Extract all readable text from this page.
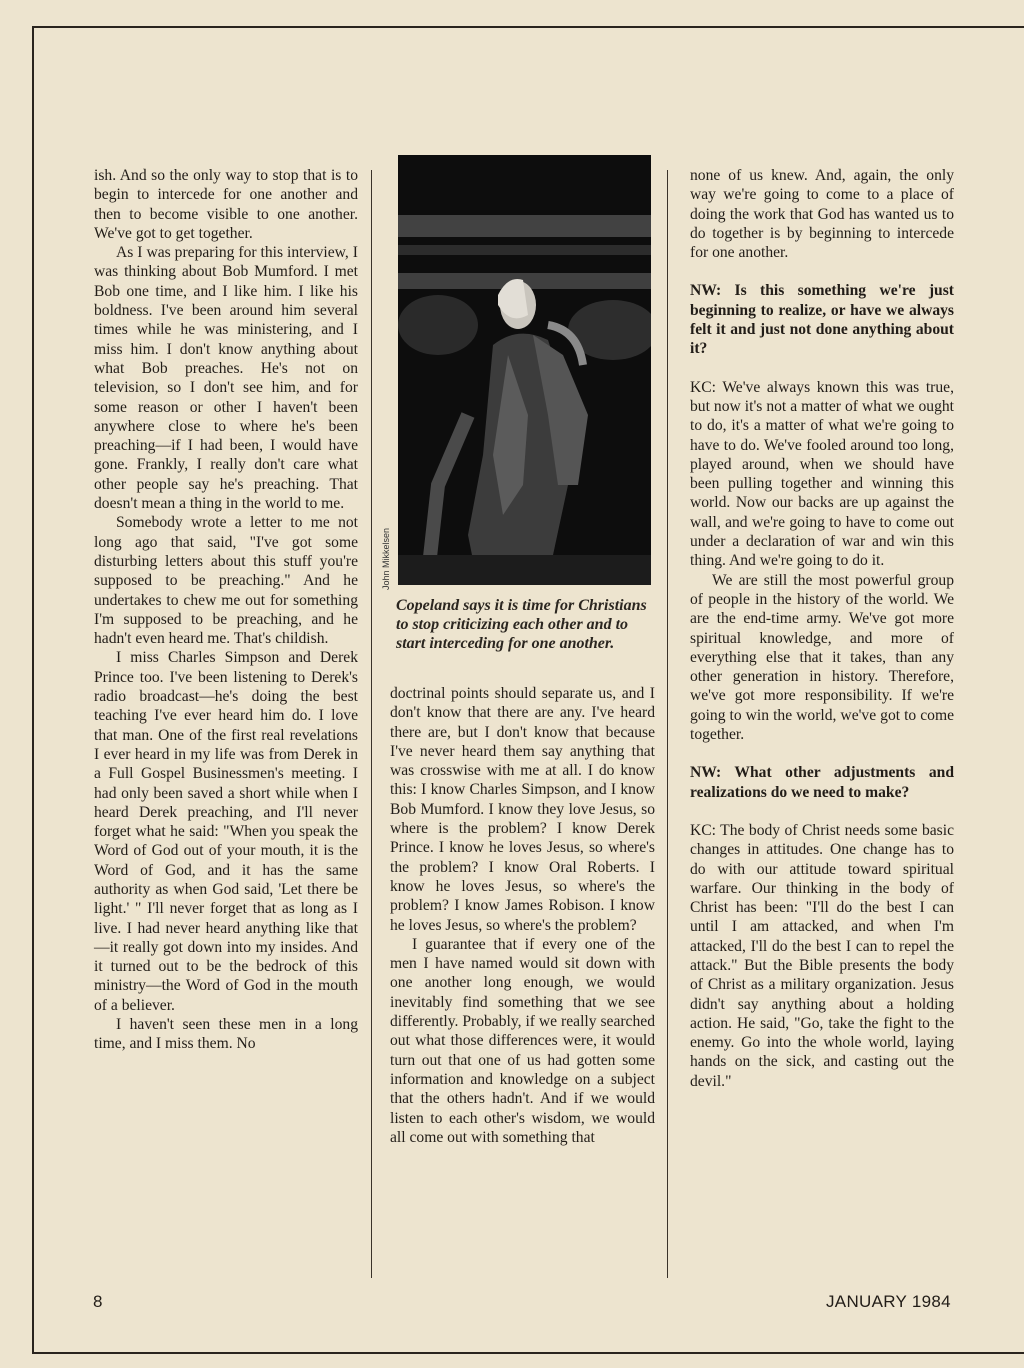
ish. And so the only way to stop that is to begin to intercede for one another and then to become visible to one another. We've got to get together.

As I was preparing for this interview, I was thinking about Bob Mumford. I met Bob one time, and I like him. I like his boldness. I've been around him several times while he was ministering, and I miss him. I don't know anything about what Bob preaches. He's not on television, so I don't see him, and for some reason or other I haven't been anywhere close to where he's been preaching—if I had been, I would have gone. Frankly, I really don't care what other people say he's preaching. That doesn't mean a thing in the world to me.

Somebody wrote a letter to me not long ago that said, "I've got some disturbing letters about this stuff you're supposed to be preaching." And he undertakes to chew me out for something I'm supposed to be preaching, and he hadn't even heard me. That's childish.

I miss Charles Simpson and Derek Prince too. I've been listening to Derek's radio broadcast—he's doing the best teaching I've ever heard him do. I love that man. One of the first real revelations I ever heard in my life was from Derek in a Full Gospel Businessmen's meeting. I had only been saved a short while when I heard Derek preaching, and I'll never forget what he said: "When you speak the Word of God out of your mouth, it is the Word of God, and it has the same authority as when God said, 'Let there be light.' " I'll never forget that as long as I live. I had never heard anything like that—it really got down into my insides. And it turned out to be the bedrock of this ministry—the Word of God in the mouth of a believer.

I haven't seen these men in a long time, and I miss them. No

John Mikkelsen
Copeland says it is time for Christians to stop criticizing each other and to start interceding for one another.

doctrinal points should separate us, and I don't know that there are any. I've heard there are, but I don't know that because I've never heard them say anything that was crosswise with me at all. I do know this: I know Charles Simpson, and I know Bob Mumford. I know they love Jesus, so where is the problem? I know Derek Prince. I know he loves Jesus, so where's the problem? I know Oral Roberts. I know he loves Jesus, so where's the problem? I know James Robison. I know he loves Jesus, so where's the problem?

I guarantee that if every one of the men I have named would sit down with one another long enough, we would inevitably find something that we see differently. Probably, if we really searched out what those differences were, it would turn out that one of us had gotten some information and knowledge on a subject that the others hadn't. And if we would listen to each other's wisdom, we would all come out with something that

none of us knew. And, again, the only way we're going to come to a place of doing the work that God has wanted us to do together is by beginning to intercede for one another.

NW: Is this something we're just beginning to realize, or have we always felt it and just not done anything about it?

KC: We've always known this was true, but now it's not a matter of what we ought to do, it's a matter of what we're going to have to do. We've fooled around too long, played around, when we should have been pulling together and winning this world. Now our backs are up against the wall, and we're going to have to come out under a declaration of war and win this thing. And we're going to do it.

We are still the most powerful group of people in the history of the world. We are the end-time army. We've got more spiritual knowledge, and more of everything else that it takes, than any other generation in history. Therefore, we've got more responsibility. If we're going to win the world, we've got to come together.

NW: What other adjustments and realizations do we need to make?

KC: The body of Christ needs some basic changes in attitudes. One change has to do with our attitude toward spiritual warfare. Our thinking in the body of Christ has been: "I'll do the best I can until I am attacked, and when I'm attacked, I'll do the best I can to repel the attack." But the Bible presents the body of Christ as a military organization. Jesus didn't say anything about a holding action. He said, "Go, take the fight to the enemy. Go into the whole world, laying hands on the sick, and casting out the devil."

8	JANUARY 1984
